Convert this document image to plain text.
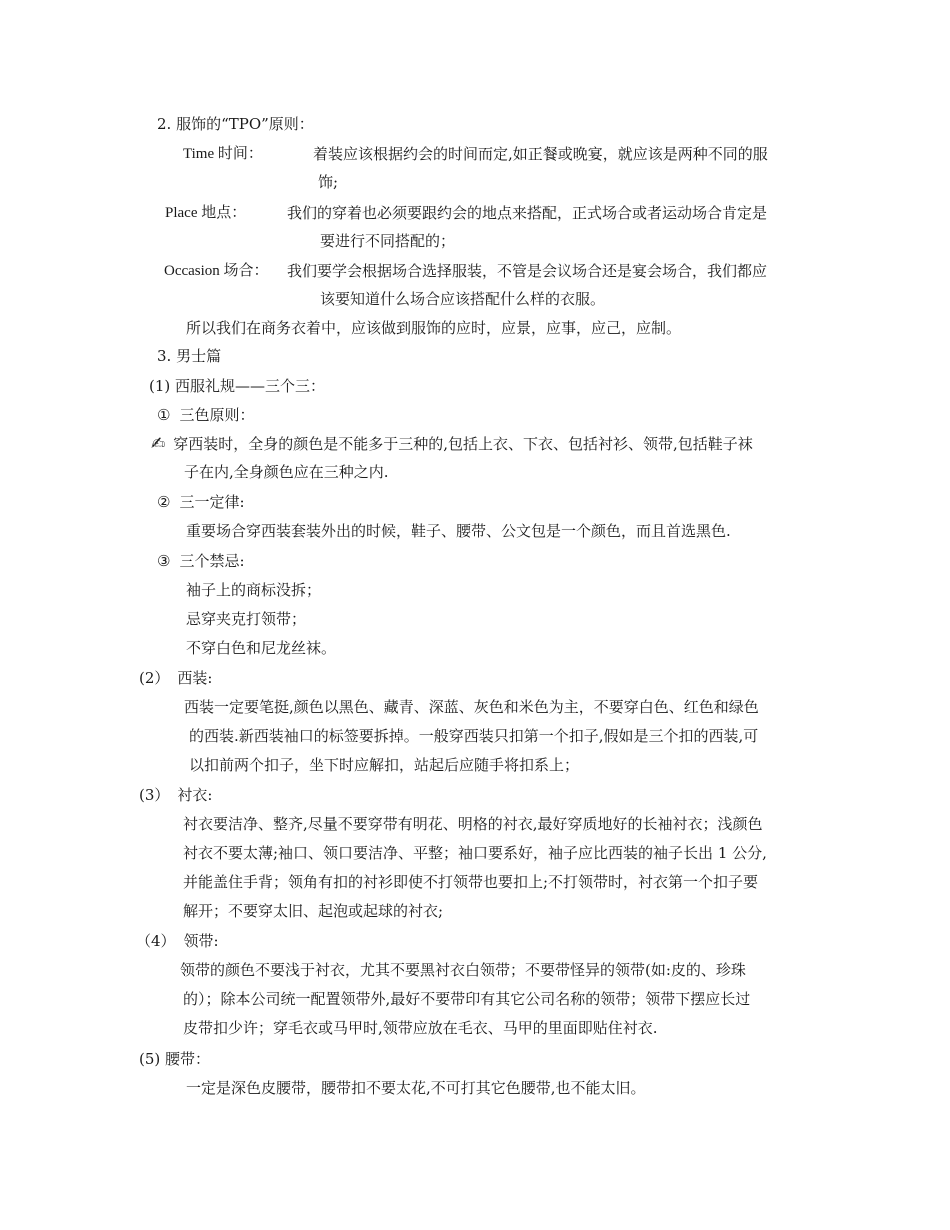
2. 服饰的“TPO”原则：
Time 时间：	着装应该根据约会的时间而定,如正餐或晚宴，就应该是两种不同的服
饰;
Place 地点：	我们的穿着也必须要跟约会的地点来搭配，正式场合或者运动场合肯定是
要进行不同搭配的；
Occasion 场合： 我们要学会根据场合选择服装，不管是会议场合还是宴会场合，我们都应
该要知道什么场合应该搭配什么样的衣服。
所以我们在商务衣着中，应该做到服饰的应时，应景，应事，应己，应制。
3. 男士篇
(1) 西服礼规——三个三：
① 三色原则：
✍ 穿西装时，全身的颜色是不能多于三种的,包括上衣、下衣、包括衬衫、领带,包括鞋子袜
子在内,全身颜色应在三种之内.
② 三一定律:
重要场合穿西装套装外出的时候，鞋子、腰带、公文包是一个颜色，而且首选黑色.
③ 三个禁忌:
袖子上的商标没拆；
忌穿夹克打领带；
不穿白色和尼龙丝袜。
(2） 西装:
西装一定要笔挺,颜色以黑色、藏青、深蓝、灰色和米色为主，不要穿白色、红色和绿色
的西装.新西装袖口的标签要拆掉。一般穿西装只扣第一个扣子,假如是三个扣的西装,可
以扣前两个扣子，坐下时应解扣，站起后应随手将扣系上；
(3） 衬衣:
衬衣要洁净、整齐,尽量不要穿带有明花、明格的衬衣,最好穿质地好的长袖衬衣；浅颜色
衬衣不要太薄;袖口、领口要洁净、平整；袖口要系好，袖子应比西装的袖子长出 1 公分,
并能盖住手背；领角有扣的衬衫即使不打领带也要扣上;不打领带时，衬衣第一个扣子要
解开；不要穿太旧、起泡或起球的衬衣;
（4） 领带:
领带的颜色不要浅于衬衣，尤其不要黑衬衣白领带；不要带怪异的领带(如:皮的、珍珠
的）；除本公司统一配置领带外,最好不要带印有其它公司名称的领带；领带下摆应长过
皮带扣少许；穿毛衣或马甲时,领带应放在毛衣、马甲的里面即贴住衬衣.
(5) 腰带：
一定是深色皮腰带，腰带扣不要太花,不可打其它色腰带,也不能太旧。
